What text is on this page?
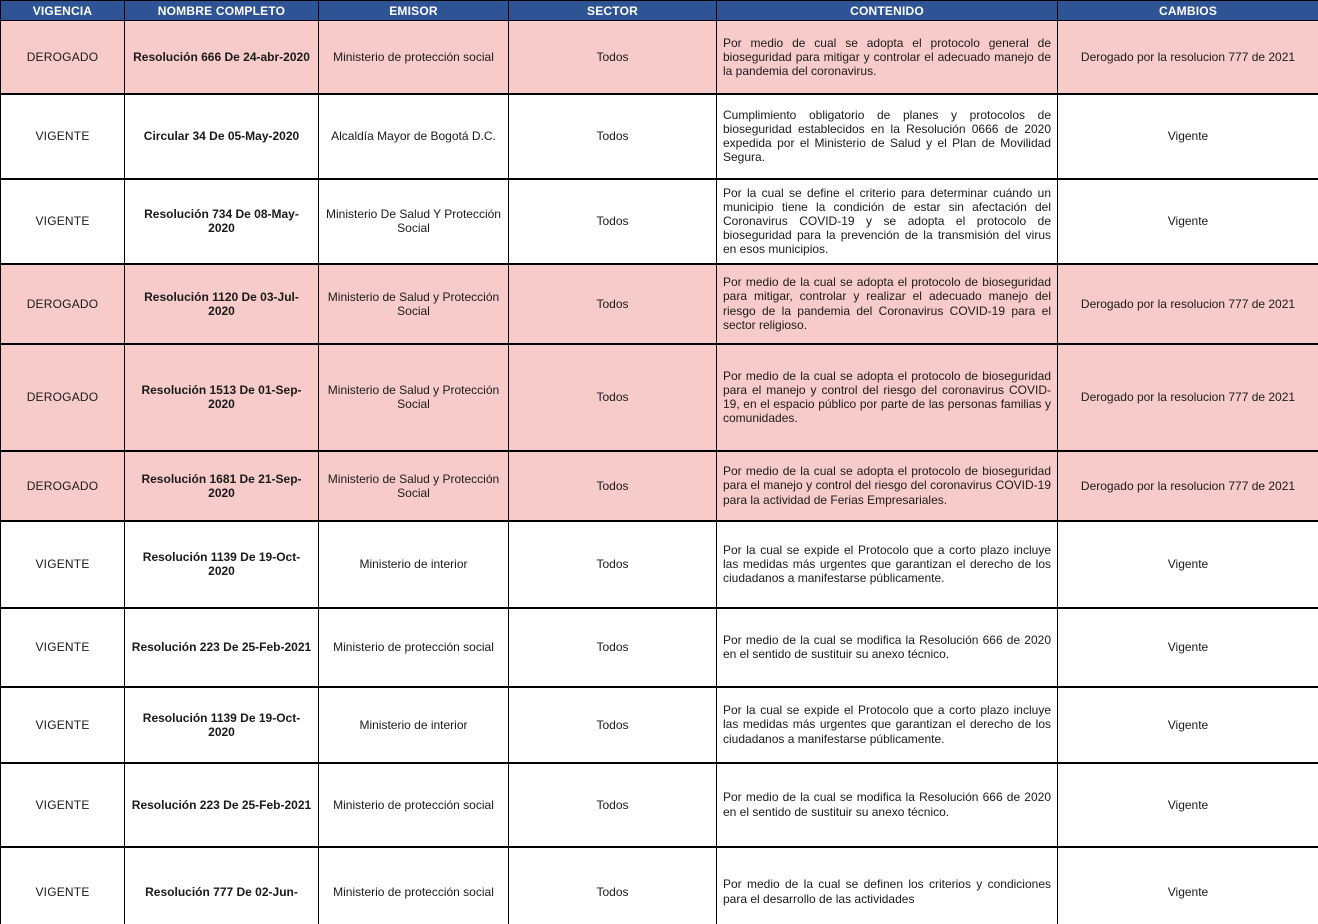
VIGENCIA	NOMBRE COMPLETO	EMISOR	SECTOR	CONTENIDO	CAMBIOS
DEROGADO	Resolución 666 De 24-abr-2020	Ministerio de protección social	Todos	Por medio de cual se adopta el protocolo general de bioseguridad para mitigar y controlar el adecuado manejo de la pandemia del coronavirus.	Derogado por la resolucion 777 de 2021
VIGENTE	Circular 34 De 05-May-2020	Alcaldía Mayor de Bogotá D.C.	Todos	Cumplimiento obligatorio de planes y protocolos de bioseguridad establecidos en la Resolución 0666 de 2020 expedida por el Ministerio de Salud y el Plan de Movilidad Segura.	Vigente
VIGENTE	Resolución 734 De 08-May-2020	Ministerio De Salud Y Protección Social	Todos	Por la cual se define el criterio para determinar cuándo un municipio tiene la condición de estar sin afectación del Coronavirus COVID-19 y se adopta el protocolo de bioseguridad para la prevención de la transmisión del virus en esos municipios.	Vigente
DEROGADO	Resolución 1120 De 03-Jul-2020	Ministerio de Salud y Protección Social	Todos	Por medio de la cual se adopta el protocolo de bioseguridad para mitigar, controlar y realizar el adecuado manejo del riesgo de la pandemia del Coronavirus COVID-19 para el sector religioso.	Derogado por la resolucion 777 de 2021
DEROGADO	Resolución 1513 De 01-Sep-2020	Ministerio de Salud y Protección Social	Todos	Por medio de la cual se adopta el protocolo de bioseguridad para el manejo y control del riesgo del coronavirus COVID-19, en el espacio público por parte de las personas familias y comunidades.	Derogado por la resolucion 777 de 2021
DEROGADO	Resolución 1681 De 21-Sep-2020	Ministerio de Salud y Protección Social	Todos	Por medio de la cual se adopta el protocolo de bioseguridad para el manejo y control del riesgo del coronavirus COVID-19 para la actividad de Ferias Empresariales.	Derogado por la resolucion 777 de 2021
VIGENTE	Resolución 1139 De 19-Oct-2020	Ministerio de interior	Todos	Por la cual se expide el Protocolo que a corto plazo incluye las medidas más urgentes que garantizan el derecho de los ciudadanos a manifestarse públicamente.	Vigente
VIGENTE	Resolución 223 De 25-Feb-2021	Ministerio de protección social	Todos	Por medio de la cual se modifica la Resolución 666 de 2020 en el sentido de sustituir su anexo técnico.	Vigente
VIGENTE	Resolución 1139 De 19-Oct-2020	Ministerio de interior	Todos	Por la cual se expide el Protocolo que a corto plazo incluye las medidas más urgentes que garantizan el derecho de los ciudadanos a manifestarse públicamente.	Vigente
VIGENTE	Resolución 223 De 25-Feb-2021	Ministerio de protección social	Todos	Por medio de la cual se modifica la Resolución 666 de 2020 en el sentido de sustituir su anexo técnico.	Vigente
VIGENTE	Resolución 777 De 02-Jun-	Ministerio de protección social	Todos	Por medio de la cual se definen los criterios y condiciones para el desarrollo de las actividades	Vigente
